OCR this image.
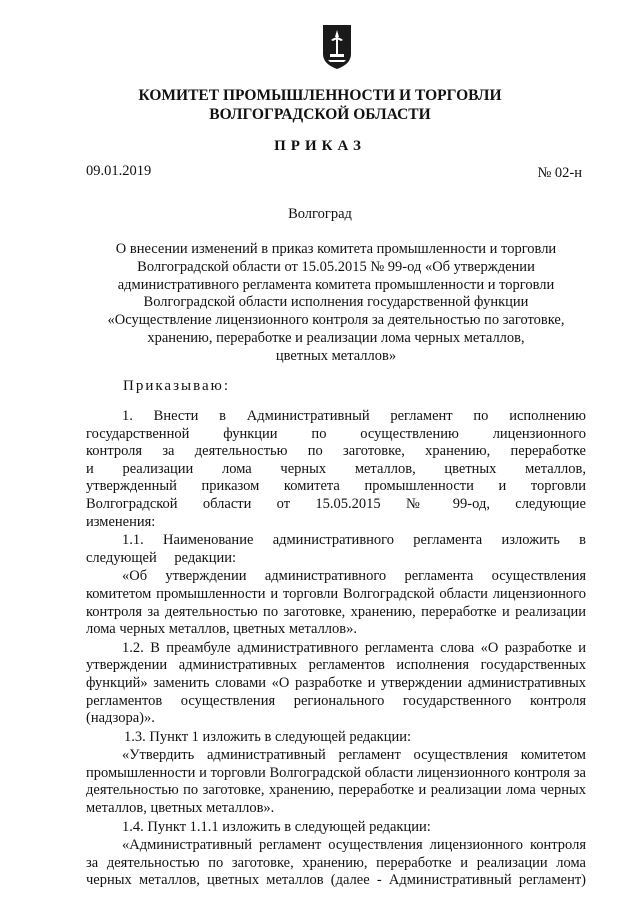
КОМИТЕТ ПРОМЫШЛЕННОСТИ И ТОРГОВЛИ
ВОЛГОГРАДСКОЙ ОБЛАСТИ
ПРИКАЗ
09.01.2019	№ 02-н
Волгоград
О внесении изменений в приказ комитета промышленности и торговли
Волгоградской области от 15.05.2015 № 99-од «Об утверждении
административного регламента комитета промышленности и торговли
Волгоградской области исполнения государственной функции
«Осуществление лицензионного контроля за деятельностью по заготовке,
хранению, переработке и реализации лома черных металлов,
цветных металлов»
Приказываю:

1. Внести в Административный регламент по исполнению государственной функции по осуществлению лицензионного контроля за деятельностью по заготовке, хранению, переработке и реализации лома черных металлов, цветных металлов, утвержденный приказом комитета промышленности и торговли Волгоградской области от 15.05.2015 № 99-од, следующие изменения:

1.1. Наименование административного регламента изложить в следующей редакции:

«Об утверждении административного регламента осуществления комитетом промышленности и торговли Волгоградской области лицензионного контроля за деятельностью по заготовке, хранению, переработке и реализации лома черных металлов, цветных металлов».

1.2. В преамбуле административного регламента слова «О разработке и утверждении административных регламентов исполнения государственных функций» заменить словами «О разработке и утверждении административных регламентов осуществления регионального государственного контроля (надзора)».

1.3. Пункт 1 изложить в следующей редакции:

«Утвердить административный регламент осуществления комитетом промышленности и торговли Волгоградской области лицензионного контроля за деятельностью по заготовке, хранению, переработке и реализации лома черных металлов, цветных металлов».

1.4. Пункт 1.1.1 изложить в следующей редакции:

«Административный регламент осуществления лицензионного контроля за деятельностью по заготовке, хранению, переработке и реализации лома черных металлов, цветных металлов (далее - Административный регламент)
